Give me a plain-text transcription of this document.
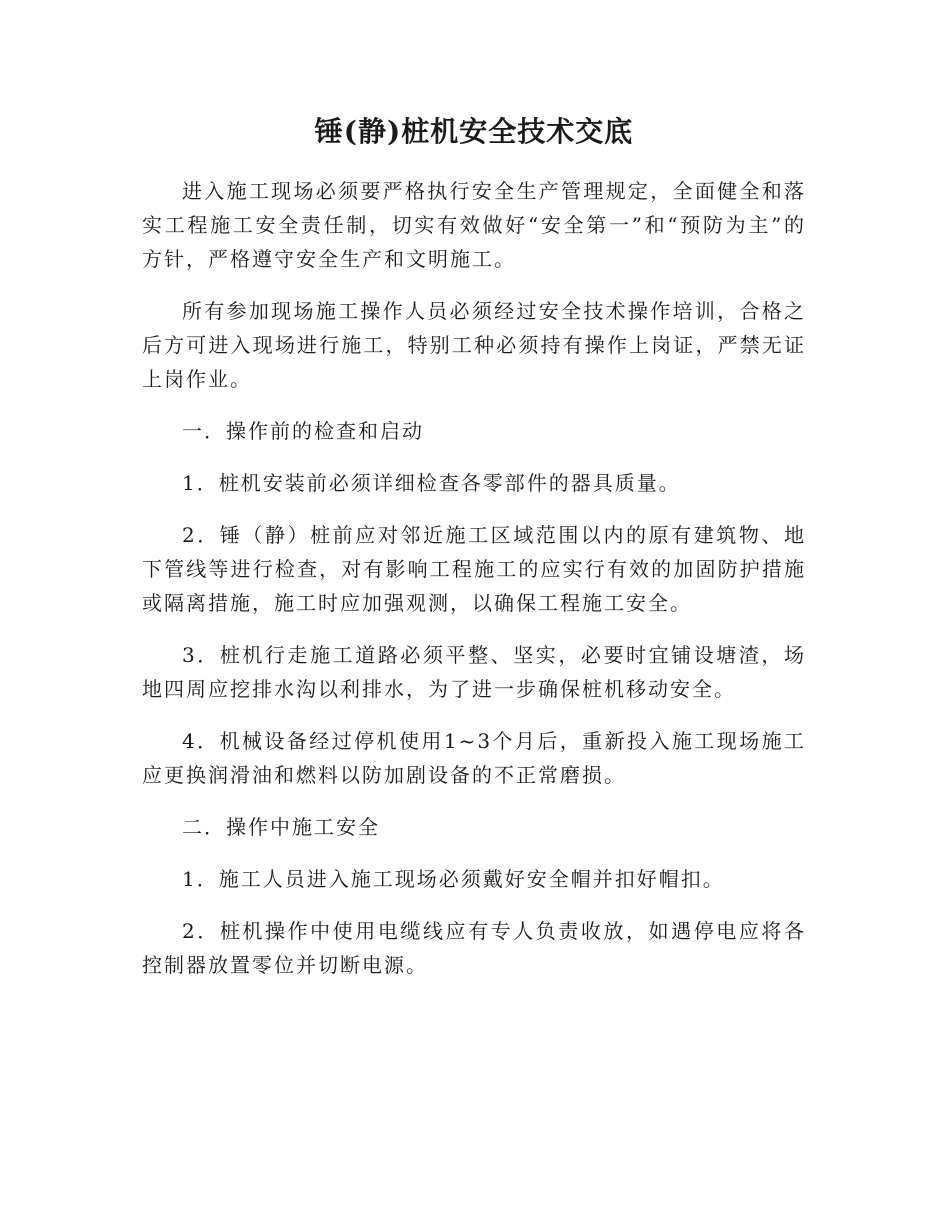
锤(静)桩机安全技术交底

进入施工现场必须要严格执行安全生产管理规定，全面健全和落实工程施工安全责任制，切实有效做好“安全第一”和“预防为主”的方针，严格遵守安全生产和文明施工。

所有参加现场施工操作人员必须经过安全技术操作培训，合格之后方可进入现场进行施工，特别工种必须持有操作上岗证，严禁无证上岗作业。

一．操作前的检查和启动

1．桩机安装前必须详细检查各零部件的器具质量。

2．锤（静）桩前应对邻近施工区域范围以内的原有建筑物、地下管线等进行检查，对有影响工程施工的应实行有效的加固防护措施或隔离措施，施工时应加强观测，以确保工程施工安全。

3．桩机行走施工道路必须平整、坚实，必要时宜铺设塘渣，场地四周应挖排水沟以利排水，为了进一步确保桩机移动安全。

4．机械设备经过停机使用1~3个月后，重新投入施工现场施工应更换润滑油和燃料以防加剧设备的不正常磨损。

二．操作中施工安全

1．施工人员进入施工现场必须戴好安全帽并扣好帽扣。

2．桩机操作中使用电缆线应有专人负责收放，如遇停电应将各控制器放置零位并切断电源。
